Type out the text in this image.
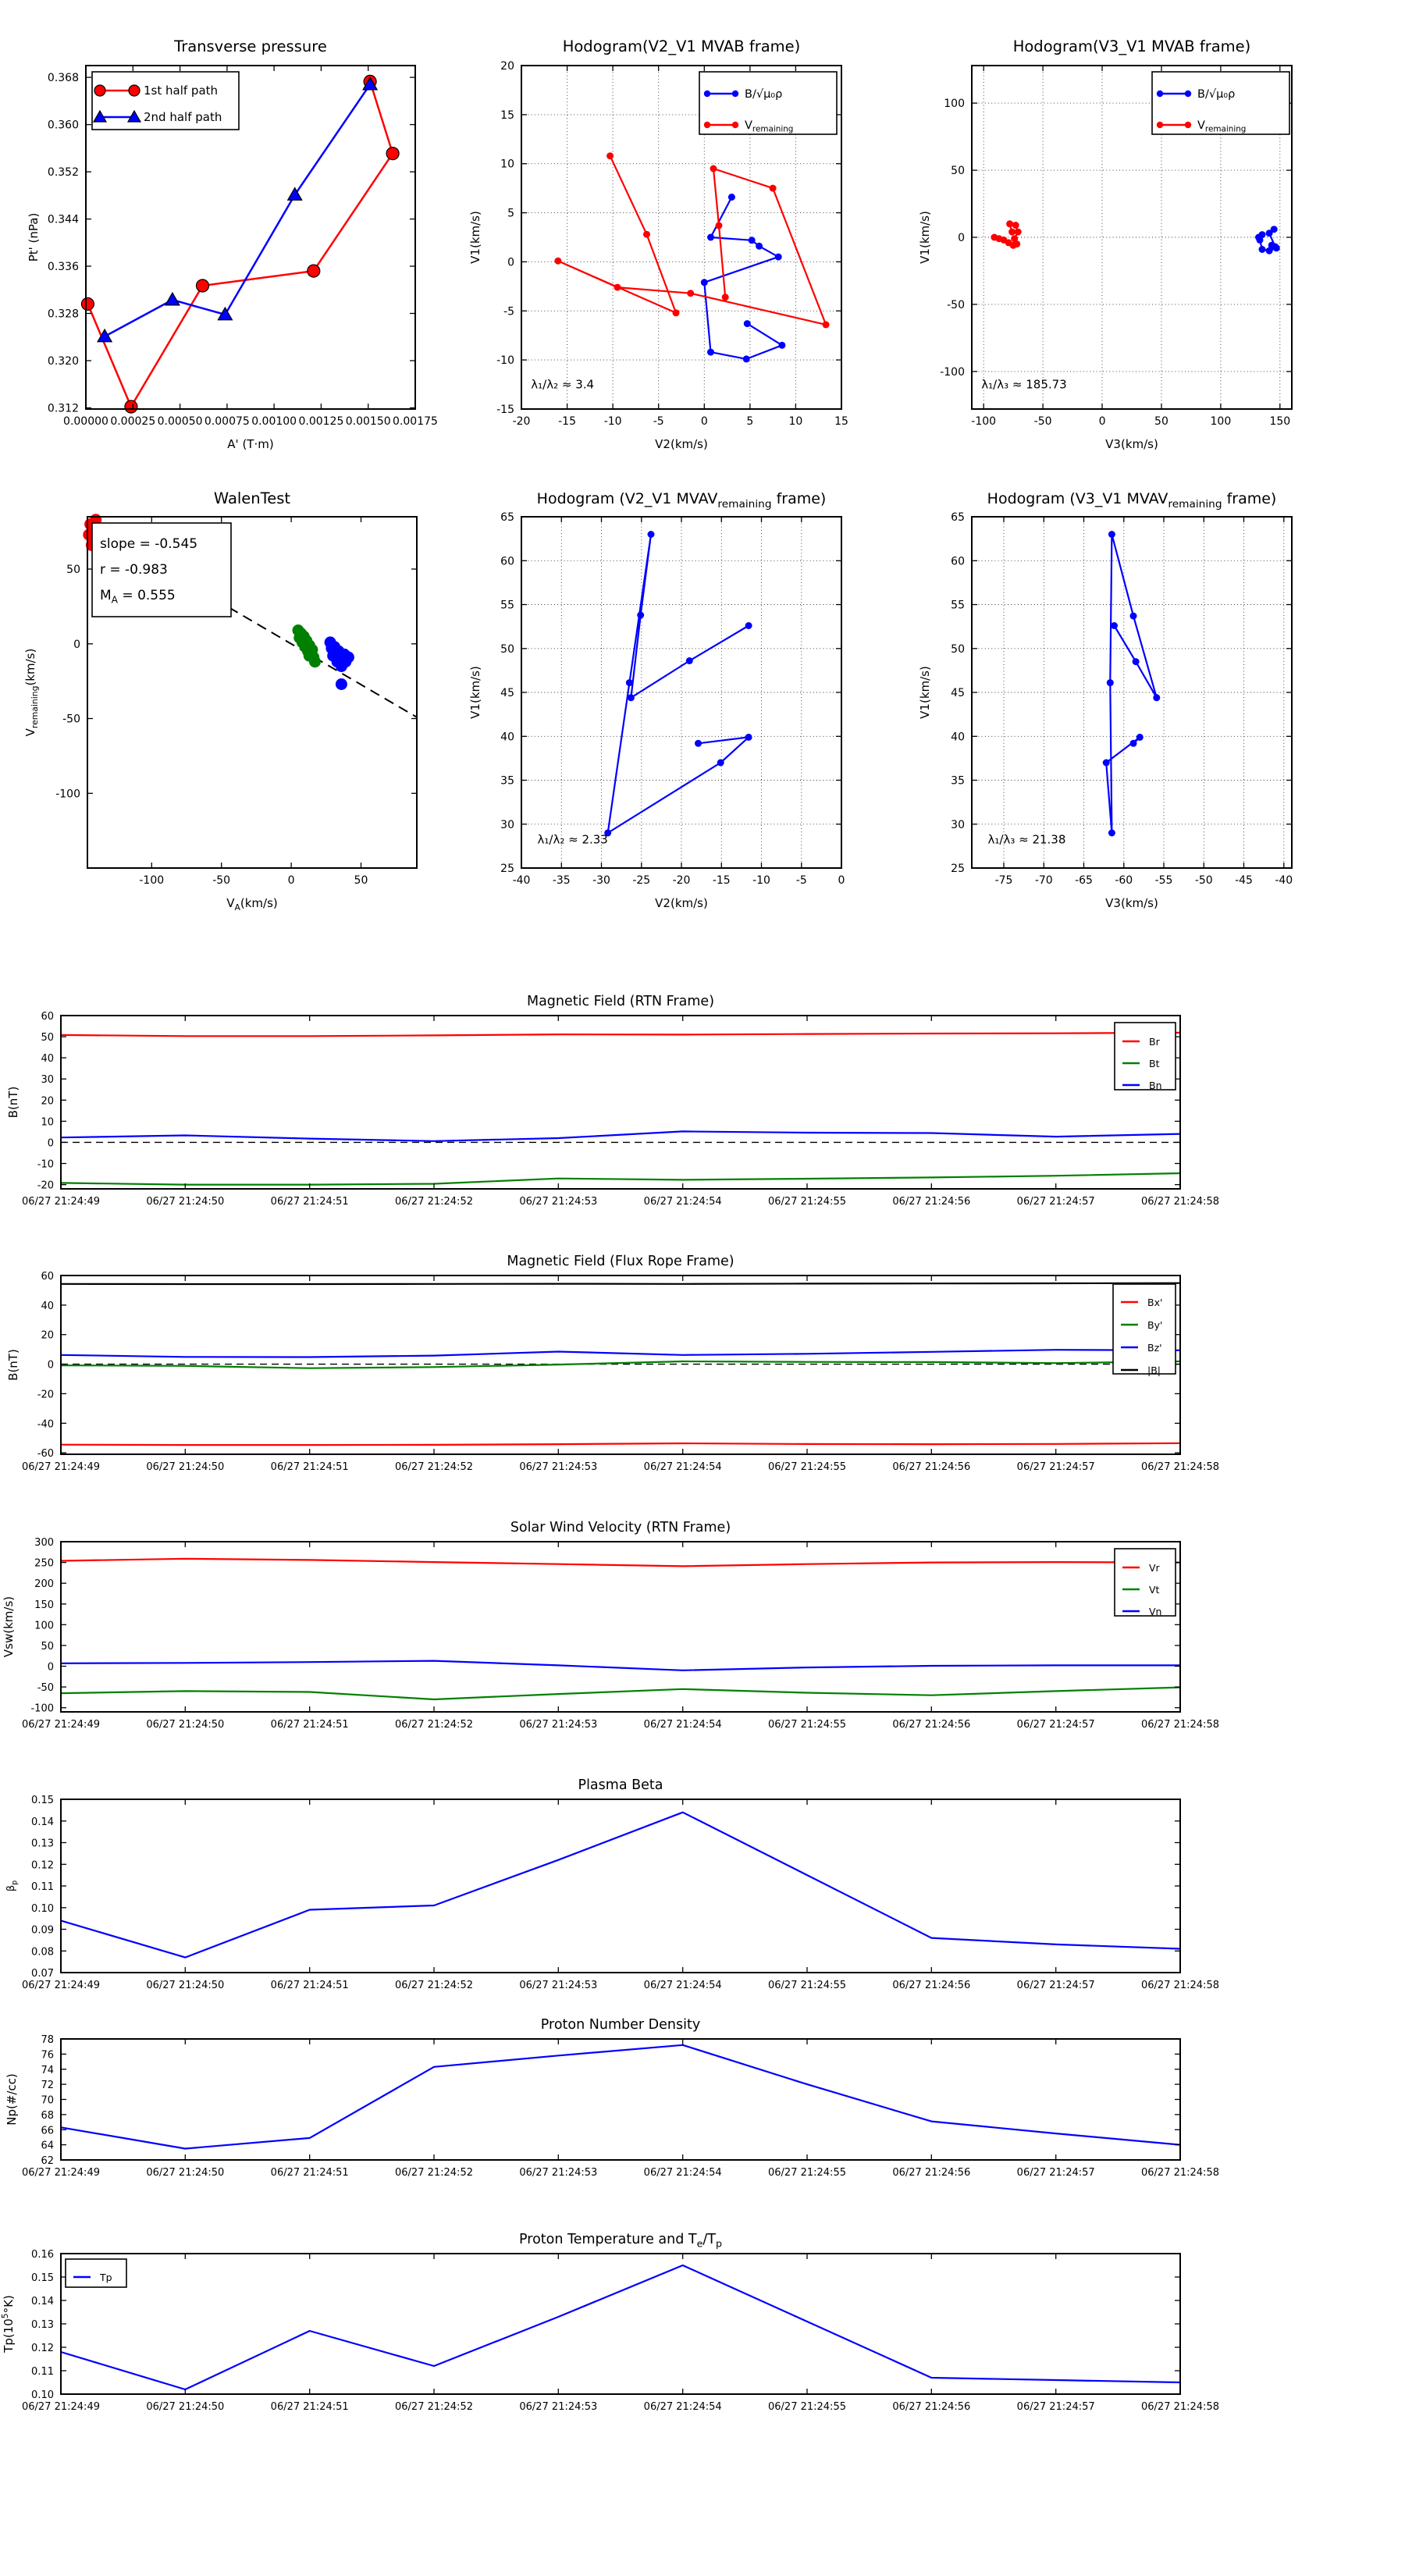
0.00000 0.00025 0.00050 0.00075 0.00100 0.00125 0.00150 0.00175
0.312
0.320
0.328
0.336
0.344
0.352
0.360
0.368
Transverse pressure
A' (T·m)
Pt' (nPa)
1st half path
2nd half path
-20	-15	-10	-5	0	5	10	15
-15
-10
-5
0
5
10
15
20
Hodogram(V2_V1 MVAB frame)
V2(km/s)
V1(km/s)
λ₁/λ₂ ≈ 3.4
B/√μ₀ρ
$V_{remaining}$
-100	-50	0	50	100	150
-100
-50
0
50
100
Hodogram(V3_V1 MVAB frame)
V3(km/s)
V1(km/s)
λ₁/λ₃ ≈ 185.73
B/√μ₀ρ
$V_{remaining}$
-100	-50	0	50
-100
-50
0
50
WalenTest
$V_A(km/s)$
$V_{remaining}(km/s)$
slope = -0.545
r = -0.983
$M_A = 0.555$
-40 -35 -30 -25 -20 -15 -10 -5	0
25
30
35
40
45
50
55
60
65
Hodogram (V2_V1 $MVAV_{remaining}$ frame)
V2(km/s)
V1(km/s)
λ₁/λ₂ ≈ 2.33
-75 -70 -65 -60 -55 -50 -45 -40
25
30
35
40
45
50
55
60
65
Hodogram (V3_V1 $MVAV_{remaining}$ frame)
V3(km/s)
V1(km/s)
λ₁/λ₃ ≈ 21.38
06/27 21:24:49	06/27 21:24:50	06/27 21:24:51	06/27 21:24:52	06/27 21:24:53	06/27 21:24:54	06/27 21:24:55	06/27 21:24:56	06/27 21:24:57	06/27 21:24:58
-20
-10
0
10
20
30
40
50
60
Magnetic Field (RTN Frame)
B(nT)
Br
Bt
Bn
06/27 21:24:49	06/27 21:24:50	06/27 21:24:51	06/27 21:24:52	06/27 21:24:53	06/27 21:24:54	06/27 21:24:55	06/27 21:24:56	06/27 21:24:57	06/27 21:24:58
-60
-40
-20
0
20
40
60
Magnetic Field (Flux Rope Frame)
B(nT)
Bx'
By'
Bz'
|B|
06/27 21:24:49	06/27 21:24:50	06/27 21:24:51	06/27 21:24:52	06/27 21:24:53	06/27 21:24:54	06/27 21:24:55	06/27 21:24:56	06/27 21:24:57	06/27 21:24:58
-100
-50
0
50
100
150
200
250
300
Solar Wind Velocity (RTN Frame)
Vsw(km/s)
Vr
Vt
Vn
06/27 21:24:49	06/27 21:24:50	06/27 21:24:51	06/27 21:24:52	06/27 21:24:53	06/27 21:24:54	06/27 21:24:55	06/27 21:24:56	06/27 21:24:57	06/27 21:24:58
0.07
0.08
0.09
0.10
0.11
0.12
0.13
0.14
0.15
Plasma Beta
$\beta_p$
06/27 21:24:49	06/27 21:24:50	06/27 21:24:51	06/27 21:24:52	06/27 21:24:53	06/27 21:24:54	06/27 21:24:55	06/27 21:24:56	06/27 21:24:57	06/27 21:24:58
62
64
66
68
70
72
74
76
78
Proton Number Density
Np(#/cc)
06/27 21:24:49	06/27 21:24:50	06/27 21:24:51	06/27 21:24:52	06/27 21:24:53	06/27 21:24:54	06/27 21:24:55	06/27 21:24:56	06/27 21:24:57	06/27 21:24:58
0.10
0.11
0.12
0.13
0.14
0.15
0.16
Proton Temperature and $T_e/T_p$
$Tp(10^5^\circ K)$
Tp
